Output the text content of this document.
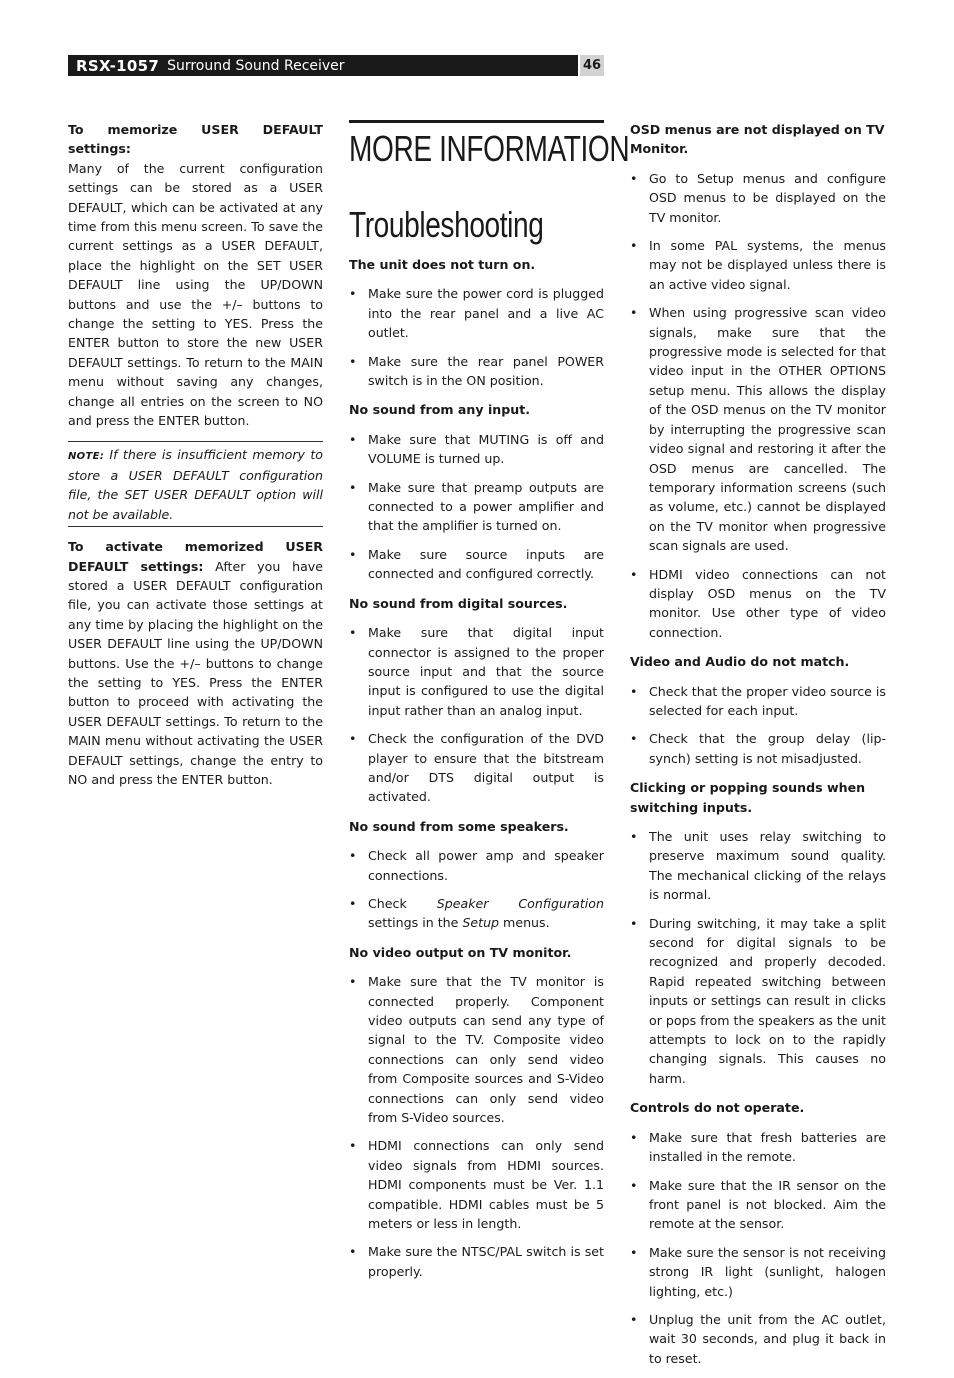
RSX-1057 Surround Sound Receiver	46

To memorize USER DEFAULT settings:
Many of the current configuration settings can be stored as a USER DEFAULT, which can be activated at any time from this menu screen. To save the current settings as a USER DEFAULT, place the highlight on the SET USER DEFAULT line using the UP/DOWN buttons and use the +/– buttons to change the setting to YES. Press the ENTER button to store the new USER DEFAULT settings. To return to the MAIN menu without saving any changes, change all entries on the screen to NO and press the ENTER button.

NOTE: If there is insufficient memory to store a USER DEFAULT configuration file, the SET USER DEFAULT option will not be available.

To activate memorized USER DEFAULT settings: After you have stored a USER DEFAULT configuration file, you can activate those settings at any time by placing the highlight on the USER DEFAULT line using the UP/DOWN buttons. Use the +/– buttons to change the setting to YES. Press the ENTER button to proceed with activating the USER DEFAULT settings. To return to the MAIN menu without activating the USER DEFAULT settings, change the entry to NO and press the ENTER button.

MORE INFORMATION
Troubleshooting
The unit does not turn on.
• Make sure the power cord is plugged into the rear panel and a live AC outlet.
• Make sure the rear panel POWER switch is in the ON position.
No sound from any input.
• Make sure that MUTING is off and VOLUME is turned up.
• Make sure that preamp outputs are connected to a power amplifier and that the amplifier is turned on.
• Make sure source inputs are connected and configured correctly.
No sound from digital sources.
• Make sure that digital input connector is assigned to the proper source input and that the source input is configured to use the digital input rather than an analog input.
• Check the configuration of the DVD player to ensure that the bitstream and/or DTS digital output is activated.
No sound from some speakers.
• Check all power amp and speaker connections.
• Check Speaker Configuration settings in the Setup menus.
No video output on TV monitor.
• Make sure that the TV monitor is connected properly. Component video outputs can send any type of signal to the TV. Composite video connections can only send video from Composite sources and S-Video connections can only send video from S-Video sources.
• HDMI connections can only send video signals from HDMI sources. HDMI components must be Ver. 1.1 compatible. HDMI cables must be 5 meters or less in length.
• Make sure the NTSC/PAL switch is set properly.
OSD menus are not displayed on TV Monitor.
• Go to Setup menus and configure OSD menus to be displayed on the TV monitor.
• In some PAL systems, the menus may not be displayed unless there is an active video signal.
• When using progressive scan video signals, make sure that the progressive mode is selected for that video input in the OTHER OPTIONS setup menu. This allows the display of the OSD menus on the TV monitor by interrupting the progressive scan video signal and restoring it after the OSD menus are cancelled. The temporary information screens (such as volume, etc.) cannot be displayed on the TV monitor when progressive scan signals are used.
• HDMI video connections can not display OSD menus on the TV monitor. Use other type of video connection.
Video and Audio do not match.
• Check that the proper video source is selected for each input.
• Check that the group delay (lip-synch) setting is not misadjusted.
Clicking or popping sounds when switching inputs.
• The unit uses relay switching to preserve maximum sound quality. The mechanical clicking of the relays is normal.
• During switching, it may take a split second for digital signals to be recognized and properly decoded. Rapid repeated switching between inputs or settings can result in clicks or pops from the speakers as the unit attempts to lock on to the rapidly changing signals. This causes no harm.
Controls do not operate.
• Make sure that fresh batteries are installed in the remote.
• Make sure that the IR sensor on the front panel is not blocked. Aim the remote at the sensor.
• Make sure the sensor is not receiving strong IR light (sunlight, halogen lighting, etc.)
• Unplug the unit from the AC outlet, wait 30 seconds, and plug it back in to reset.
